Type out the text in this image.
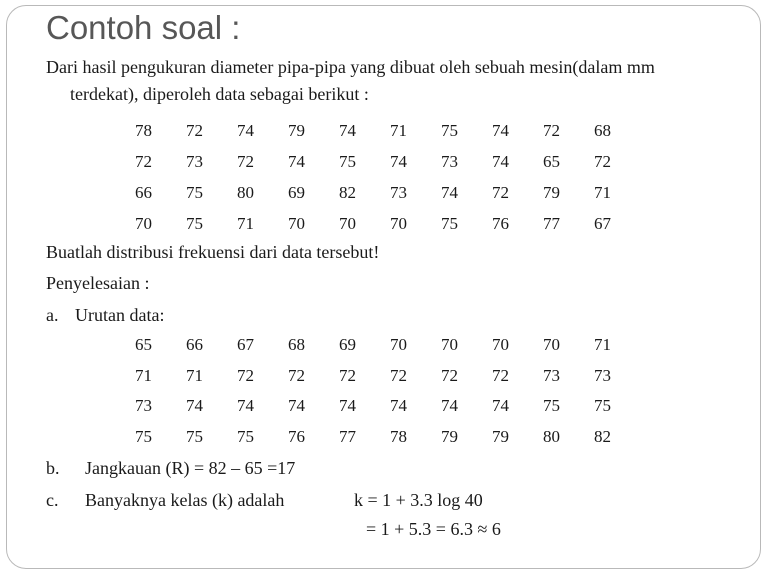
Contoh soal :
Dari hasil pengukuran diameter pipa-pipa yang dibuat oleh sebuah mesin(dalam mm
terdekat), diperoleh data sebagai berikut :
78	72	74	79	74	71	75	74	72	68
72	73	72	74	75	74	73	74	65	72
66	75	80	69	82	73	74	72	79	71
70	75	71	70	70	70	75	76	77	67
Buatlah distribusi frekuensi dari data tersebut!
Penyelesaian :
a. Urutan data:
65	66	67	68	69	70	70	70	70	71
71	71	72	72	72	72	72	72	73	73
73	74	74	74	74	74	74	74	75	75
75	75	75	76	77	78	79	79	80	82
b. Jangkauan (R) = 82 – 65 =17
c. Banyaknya kelas (k) adalah	k = 1 + 3.3 log 40
= 1 + 5.3 = 6.3 ≈ 6
